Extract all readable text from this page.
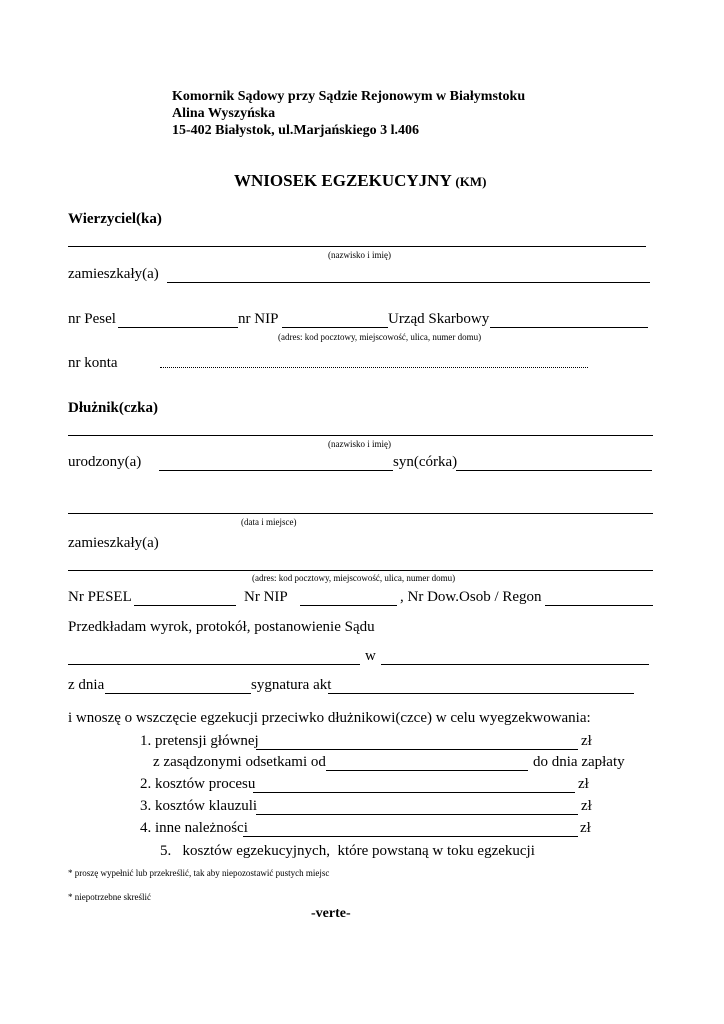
Komornik Sądowy przy Sądzie Rejonowym w Białymstoku
Alina Wyszyńska
15-402 Białystok, ul.Marjańskiego 3 l.406
WNIOSEK EGZEKUCYJNY (KM)
Wierzyciel(ka)
(nazwisko i imię)
zamieszkały(a)
nr Pesel	nr NIP	Urząd Skarbowy
(adres: kod pocztowy, miejscowość, ulica, numer domu)
nr konta
Dłużnik(czka)
(nazwisko i imię)
urodzony(a)	syn(córka)
(data i miejsce)
zamieszkały(a)
(adres: kod pocztowy, miejscowość, ulica, numer domu)
Nr PESEL	Nr NIP	, Nr Dow.Osob / Regon
Przedkładam wyrok, protokół, postanowienie Sądu
w
z dnia	sygnatura akt
i wnoszę o wszczęcie egzekucji przeciwko dłużnikowi(czce) w celu wyegzekwowania:
1. pretensji głównej	zł
z zasądzonymi odsetkami od	do dnia zapłaty
2. kosztów procesu	zł
3. kosztów klauzuli	zł
4. inne należności	zł
5.   kosztów egzekucyjnych,  które powstaną w toku egzekucji
* proszę wypełnić lub przekreślić, tak aby niepozostawić pustych miejsc
* niepotrzebne skreślić
-verte-
